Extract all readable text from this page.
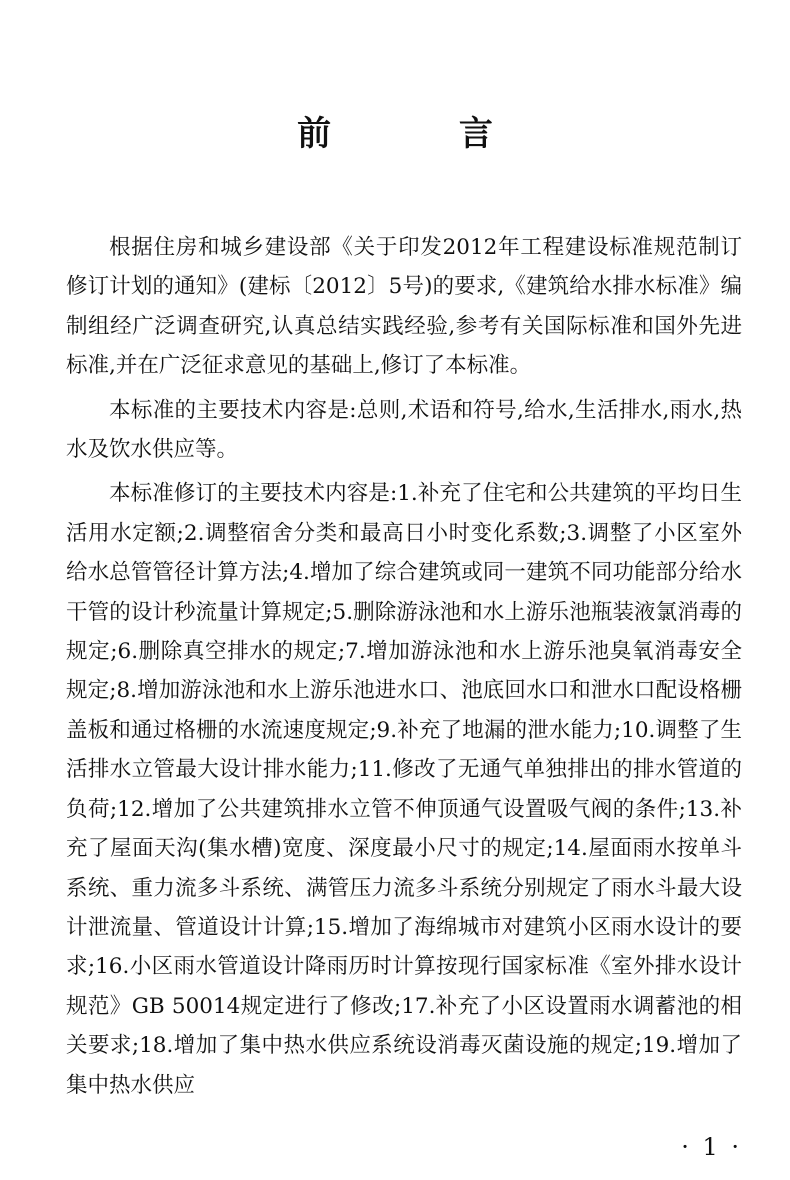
前 言

根据住房和城乡建设部《关于印发2012年工程建设标准规范制订修订计划的通知》(建标〔2012〕5号)的要求,《建筑给水排水标准》编制组经广泛调查研究,认真总结实践经验,参考有关国际标准和国外先进标准,并在广泛征求意见的基础上,修订了本标准。

本标准的主要技术内容是:总则,术语和符号,给水,生活排水,雨水,热水及饮水供应等。

本标准修订的主要技术内容是:1.补充了住宅和公共建筑的平均日生活用水定额;2.调整宿舍分类和最高日小时变化系数;3.调整了小区室外给水总管管径计算方法;4.增加了综合建筑或同一建筑不同功能部分给水干管的设计秒流量计算规定;5.删除游泳池和水上游乐池瓶装液氯消毒的规定;6.删除真空排水的规定;7.增加游泳池和水上游乐池臭氧消毒安全规定;8.增加游泳池和水上游乐池进水口、池底回水口和泄水口配设格栅盖板和通过格栅的水流速度规定;9.补充了地漏的泄水能力;10.调整了生活排水立管最大设计排水能力;11.修改了无通气单独排出的排水管道的负荷;12.增加了公共建筑排水立管不伸顶通气设置吸气阀的条件;13.补充了屋面天沟(集水槽)宽度、深度最小尺寸的规定;14.屋面雨水按单斗系统、重力流多斗系统、满管压力流多斗系统分别规定了雨水斗最大设计泄流量、管道设计计算;15.增加了海绵城市对建筑小区雨水设计的要求;16.小区雨水管道设计降雨历时计算按现行国家标准《室外排水设计规范》GB 50014规定进行了修改;17.补充了小区设置雨水调蓄池的相关要求;18.增加了集中热水供应系统设消毒灭菌设施的规定;19.增加了集中热水供应

· 1 ·
